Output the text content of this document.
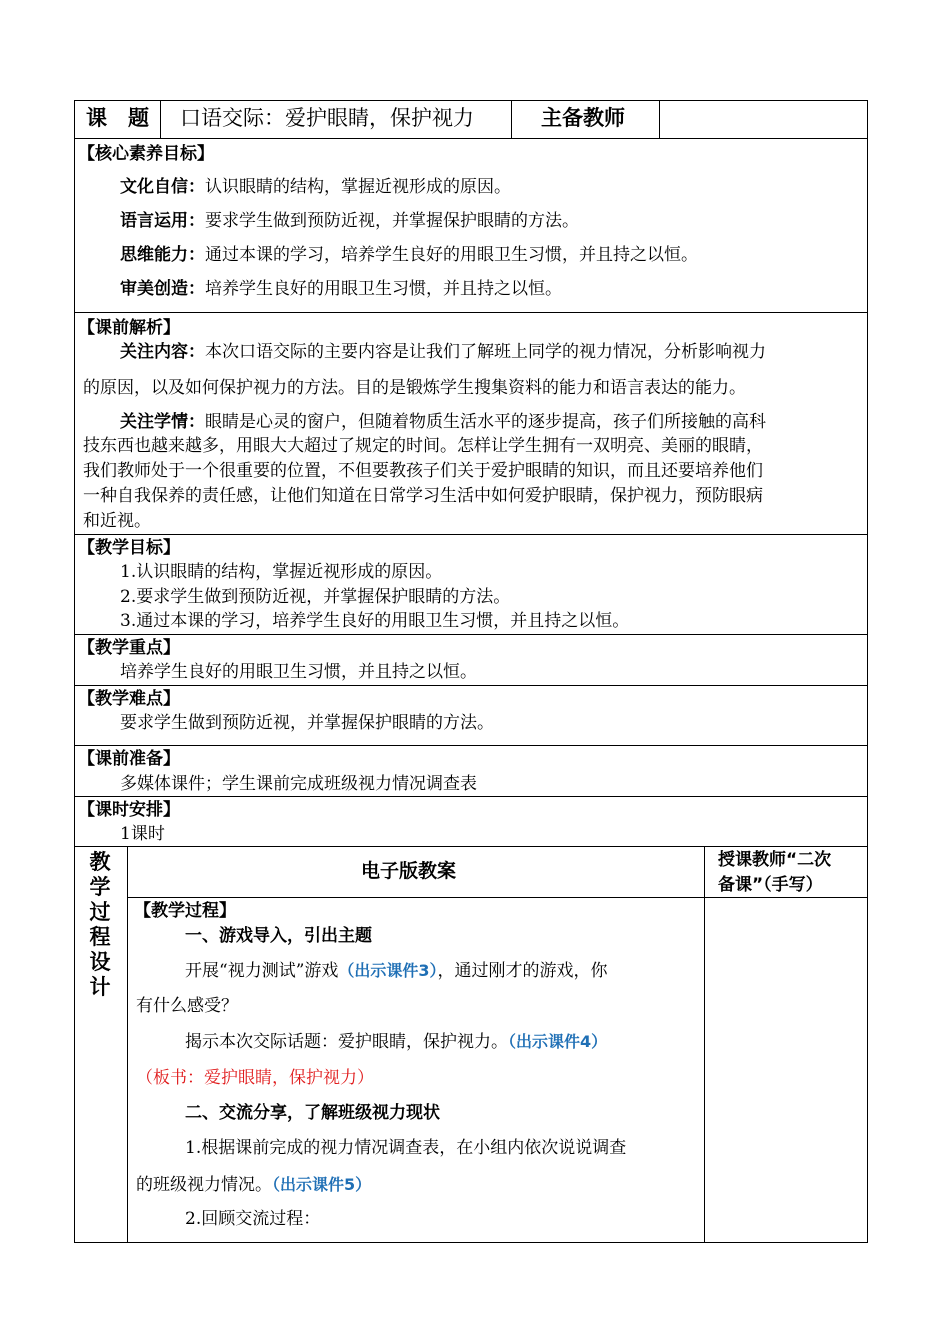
课　题 口语交际：爱护眼睛，保护视力	主备教师
【核心素养目标】
文化自信：认识眼睛的结构，掌握近视形成的原因。
语言运用：要求学生做到预防近视，并掌握保护眼睛的方法。
思维能力：通过本课的学习，培养学生良好的用眼卫生习惯，并且持之以恒。
审美创造：培养学生良好的用眼卫生习惯，并且持之以恒。
【课前解析】
关注内容：本次口语交际的主要内容是让我们了解班上同学的视力情况，分析影响视力
的原因，以及如何保护视力的方法。目的是锻炼学生搜集资料的能力和语言表达的能力。
关注学情：眼睛是心灵的窗户，但随着物质生活水平的逐步提高，孩子们所接触的高科
技东西也越来越多，用眼大大超过了规定的时间。怎样让学生拥有一双明亮、美丽的眼睛，
我们教师处于一个很重要的位置，不但要教孩子们关于爱护眼睛的知识，而且还要培养他们
一种自我保养的责任感，让他们知道在日常学习生活中如何爱护眼睛，保护视力，预防眼病
和近视。
【教学目标】
1.认识眼睛的结构，掌握近视形成的原因。
2.要求学生做到预防近视，并掌握保护眼睛的方法。
3.通过本课的学习，培养学生良好的用眼卫生习惯，并且持之以恒。
【教学重点】
培养学生良好的用眼卫生习惯，并且持之以恒。
【教学难点】
要求学生做到预防近视，并掌握保护眼睛的方法。
【课前准备】
多媒体课件；学生课前完成班级视力情况调查表
【课时安排】
1课时
教
学
过
程
设
计
电子版教案	授课教师“二次
备课”（手写）
【教学过程】
一、游戏导入，引出主题
开展“视力测试”游戏（出示课件3），通过刚才的游戏，你
有什么感受？
揭示本次交际话题：爱护眼睛，保护视力。（出示课件4）
（板书：爱护眼睛，保护视力）
二、交流分享，了解班级视力现状
1.根据课前完成的视力情况调查表，在小组内依次说说调查
的班级视力情况。（出示课件5）
2.回顾交流过程：
